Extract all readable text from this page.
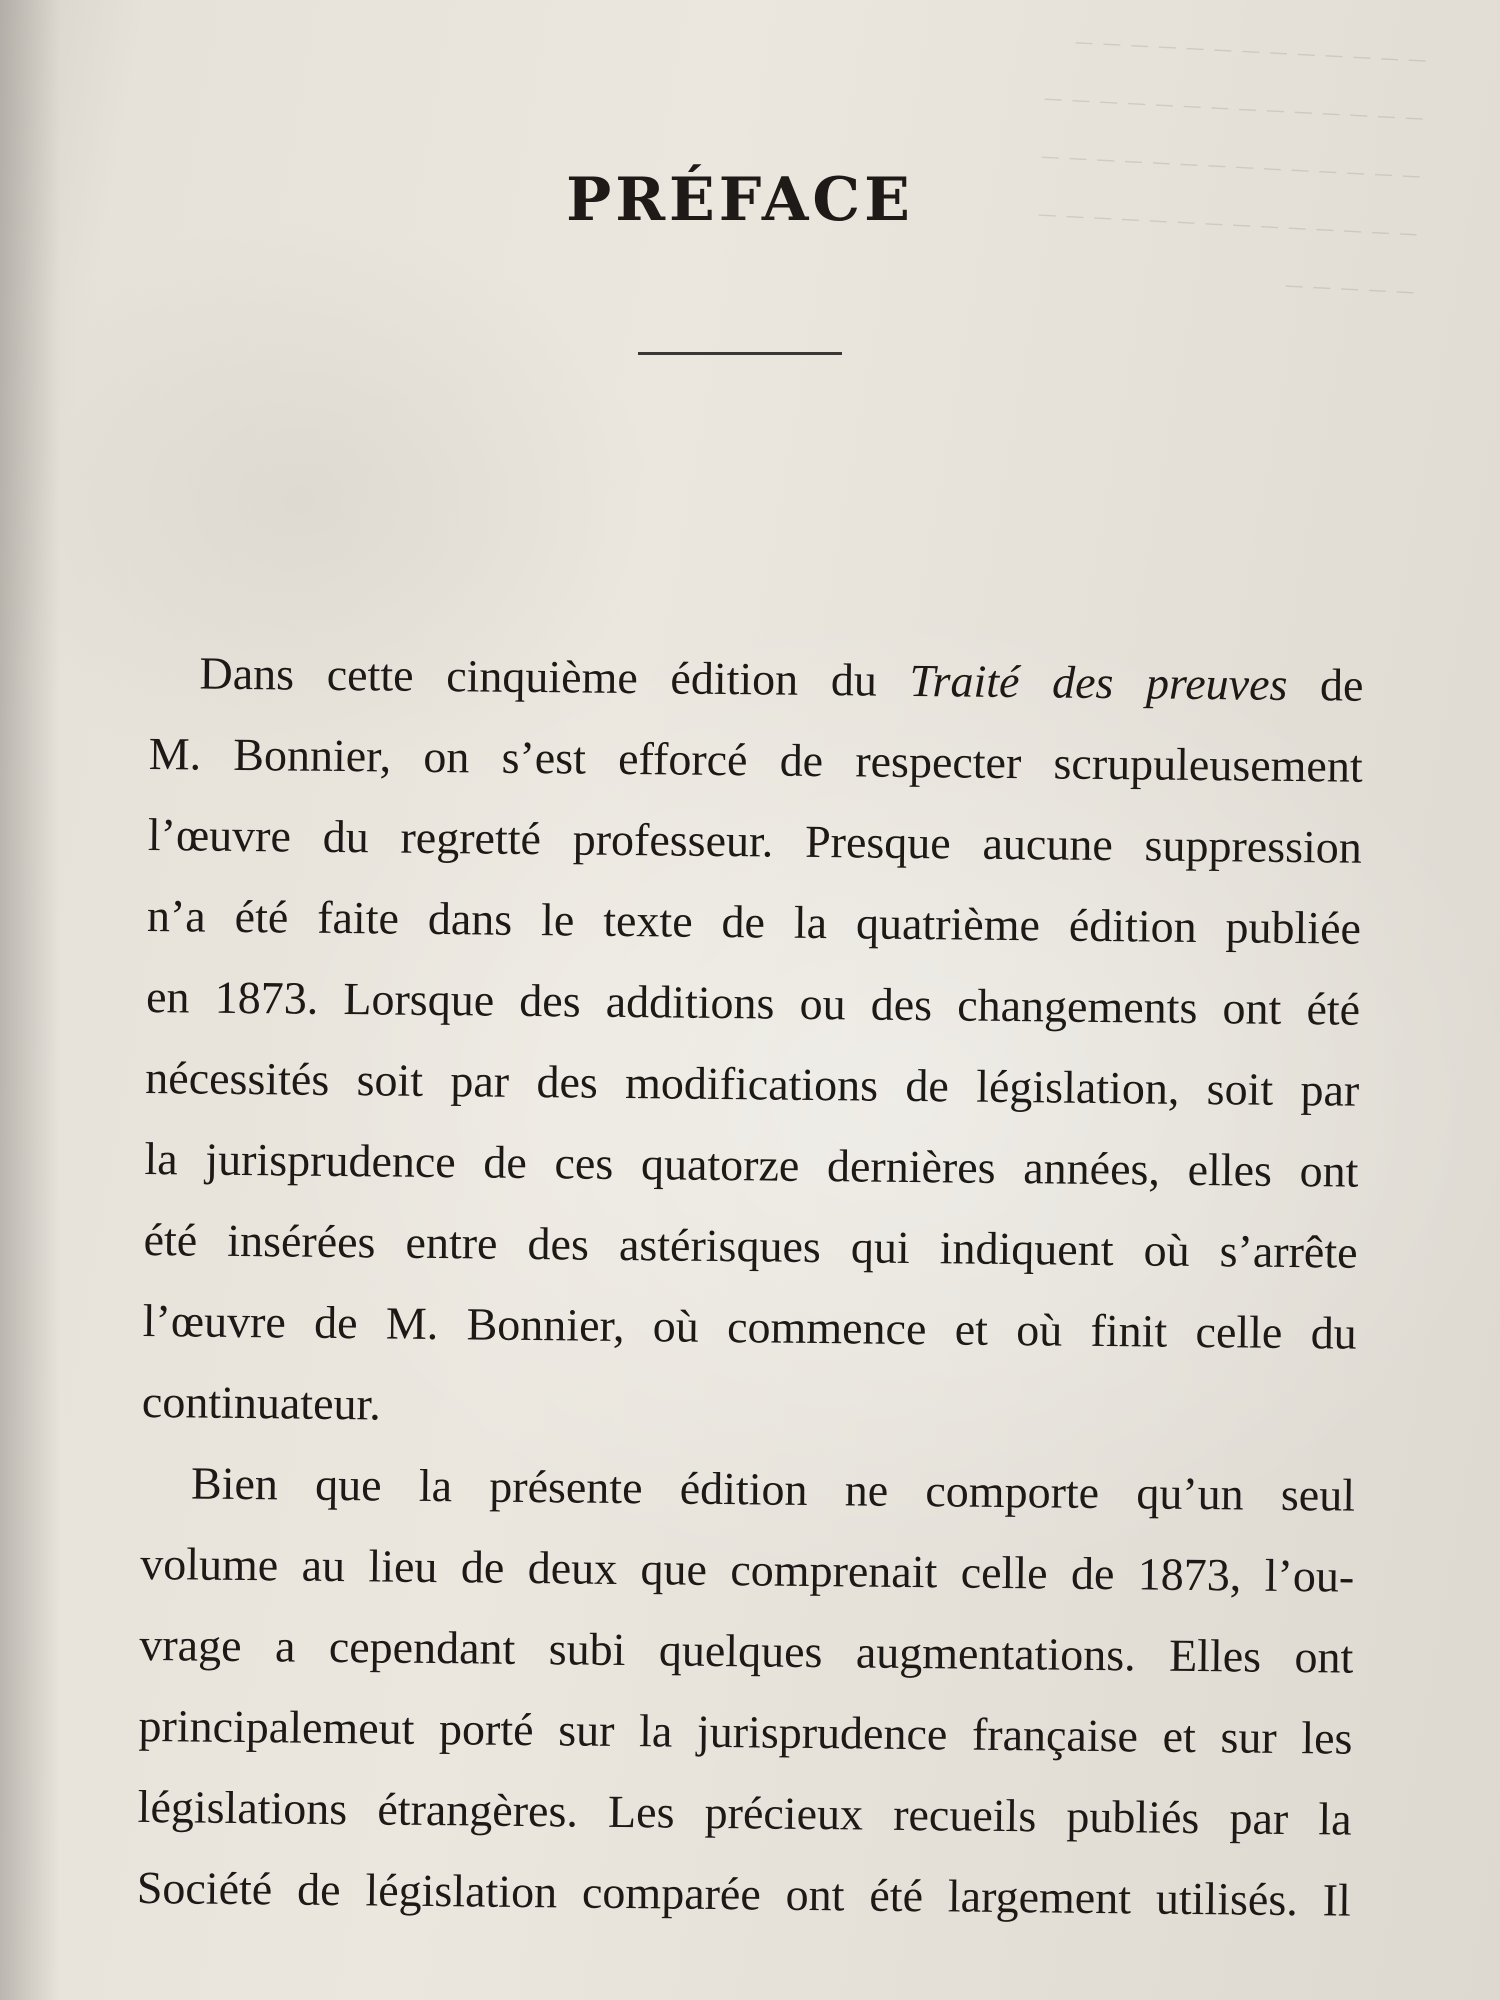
_ _ _ _ _ _ _ _ _ _ _ _ _
_ _ _ _ _ _ _ _ _ _ _ _ _ _
_ _ _ _ _ _ _ _ _ _ _ _ _ _
_ _ _ _ _ _ _ _ _ _ _ _ _ _
_ _ _ _ _
PRÉFACE
Dans cette cinquième édition du Traité des preuves de
M. Bonnier, on s’est efforcé de respecter scrupuleusement
l’œuvre du regretté professeur. Presque aucune suppression
n’a été faite dans le texte de la quatrième édition publiée
en 1873. Lorsque des additions ou des changements ont été
nécessités soit par des modifications de législation, soit par
la jurisprudence de ces quatorze dernières années, elles ont
été insérées entre des astérisques qui indiquent où s’arrête
l’œuvre de M. Bonnier, où commence et où finit celle du
continuateur.
Bien que la présente édition ne comporte qu’un seul
volume au lieu de deux que comprenait celle de 1873, l’ou-
vrage a cependant subi quelques augmentations. Elles ont
principalemeut porté sur la jurisprudence française et sur les
législations étrangères. Les précieux recueils publiés par la
Société de législation comparée ont été largement utilisés. Il
